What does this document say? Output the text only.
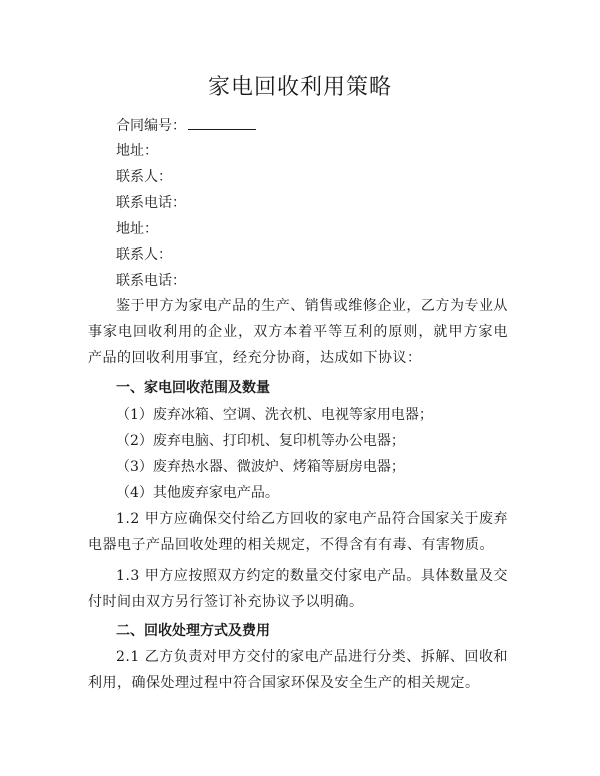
家电回收利用策略
合同编号：
地址：
联系人：
联系电话：
地址：
联系人：
联系电话：

鉴于甲方为家电产品的生产、销售或维修企业，乙方为专业从事家电回收利用的企业，双方本着平等互利的原则，就甲方家电产品的回收利用事宜，经充分协商，达成如下协议：

一、家电回收范围及数量
（1）废弃冰箱、空调、洗衣机、电视等家用电器；
（2）废弃电脑、打印机、复印机等办公电器；
（3）废弃热水器、微波炉、烤箱等厨房电器；
（4）其他废弃家电产品。

1.2 甲方应确保交付给乙方回收的家电产品符合国家关于废弃电器电子产品回收处理的相关规定，不得含有有毒、有害物质。

1.3 甲方应按照双方约定的数量交付家电产品。具体数量及交付时间由双方另行签订补充协议予以明确。

二、回收处理方式及费用

2.1 乙方负责对甲方交付的家电产品进行分类、拆解、回收和利用，确保处理过程中符合国家环保及安全生产的相关规定。
